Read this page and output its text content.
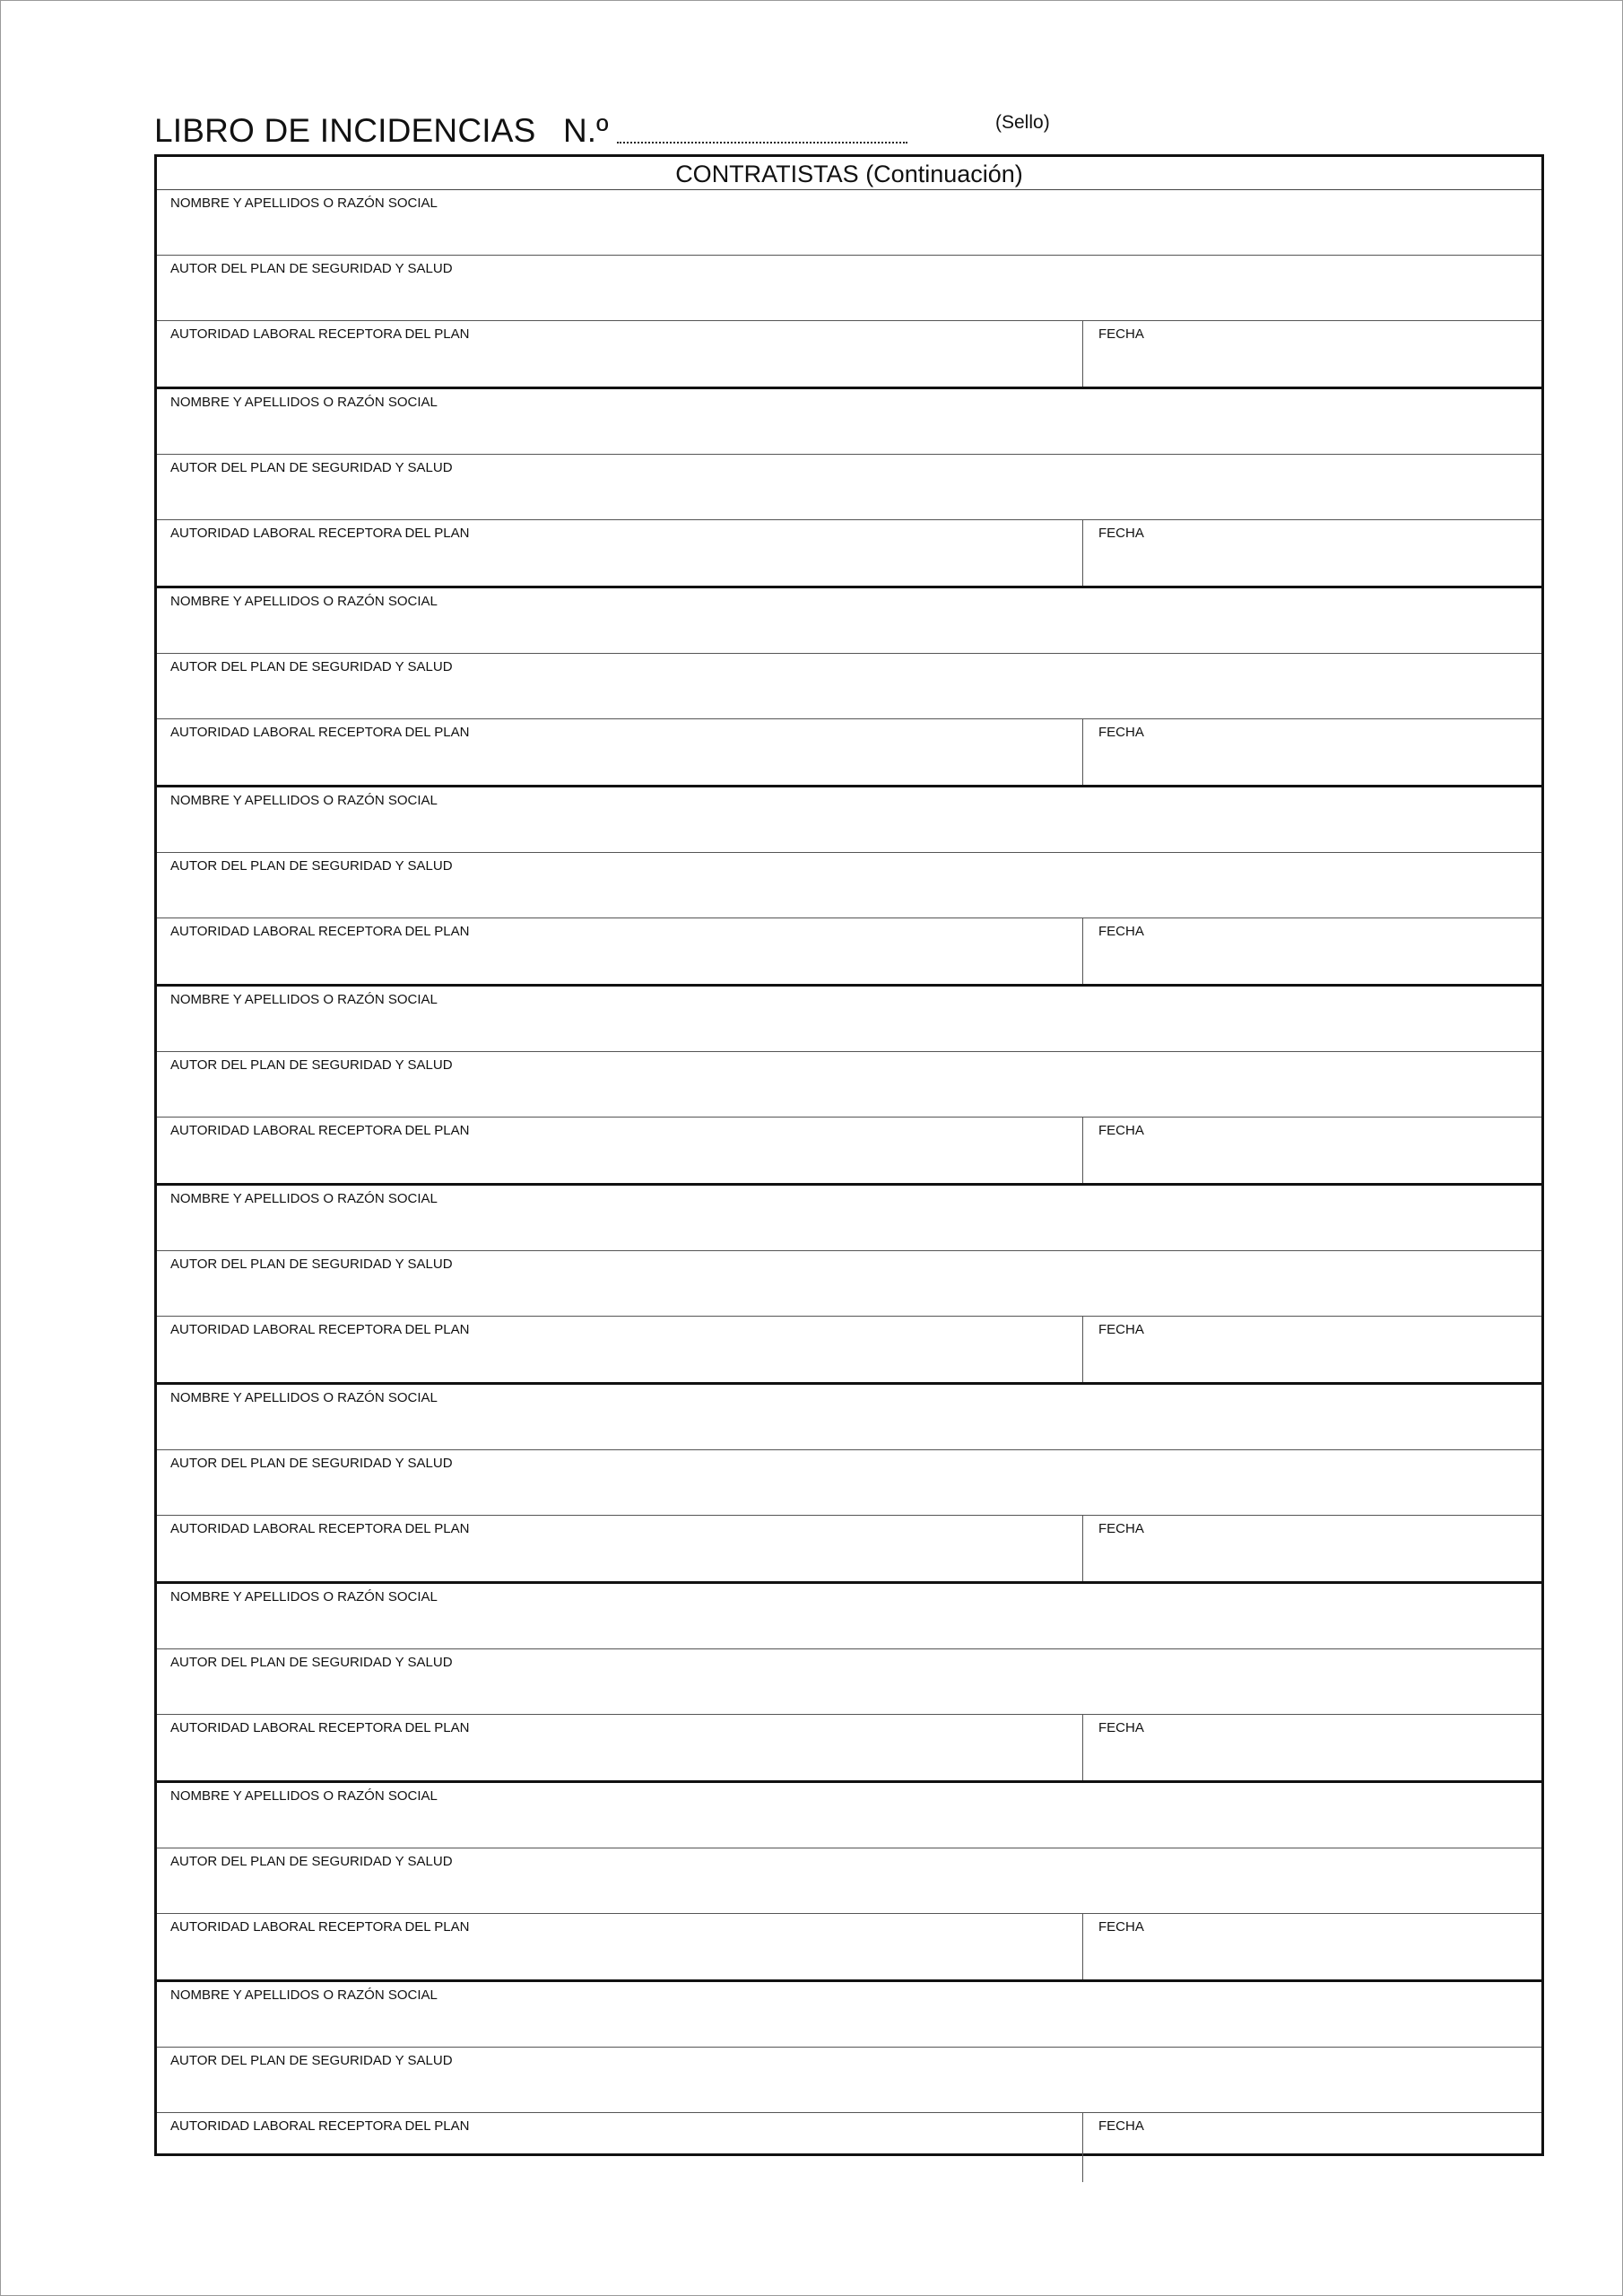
LIBRO DE INCIDENCIAS N.º	(Sello)
CONTRATISTAS (Continuación)
NOMBRE Y APELLIDOS O RAZÓN SOCIAL
AUTOR DEL PLAN DE SEGURIDAD Y SALUD
AUTORIDAD LABORAL RECEPTORA DEL PLAN	FECHA
NOMBRE Y APELLIDOS O RAZÓN SOCIAL
AUTOR DEL PLAN DE SEGURIDAD Y SALUD
AUTORIDAD LABORAL RECEPTORA DEL PLAN	FECHA
NOMBRE Y APELLIDOS O RAZÓN SOCIAL
AUTOR DEL PLAN DE SEGURIDAD Y SALUD
AUTORIDAD LABORAL RECEPTORA DEL PLAN	FECHA
NOMBRE Y APELLIDOS O RAZÓN SOCIAL
AUTOR DEL PLAN DE SEGURIDAD Y SALUD
AUTORIDAD LABORAL RECEPTORA DEL PLAN	FECHA
NOMBRE Y APELLIDOS O RAZÓN SOCIAL
AUTOR DEL PLAN DE SEGURIDAD Y SALUD
AUTORIDAD LABORAL RECEPTORA DEL PLAN	FECHA
NOMBRE Y APELLIDOS O RAZÓN SOCIAL
AUTOR DEL PLAN DE SEGURIDAD Y SALUD
AUTORIDAD LABORAL RECEPTORA DEL PLAN	FECHA
NOMBRE Y APELLIDOS O RAZÓN SOCIAL
AUTOR DEL PLAN DE SEGURIDAD Y SALUD
AUTORIDAD LABORAL RECEPTORA DEL PLAN	FECHA
NOMBRE Y APELLIDOS O RAZÓN SOCIAL
AUTOR DEL PLAN DE SEGURIDAD Y SALUD
AUTORIDAD LABORAL RECEPTORA DEL PLAN	FECHA
NOMBRE Y APELLIDOS O RAZÓN SOCIAL
AUTOR DEL PLAN DE SEGURIDAD Y SALUD
AUTORIDAD LABORAL RECEPTORA DEL PLAN	FECHA
NOMBRE Y APELLIDOS O RAZÓN SOCIAL
AUTOR DEL PLAN DE SEGURIDAD Y SALUD
AUTORIDAD LABORAL RECEPTORA DEL PLAN	FECHA
